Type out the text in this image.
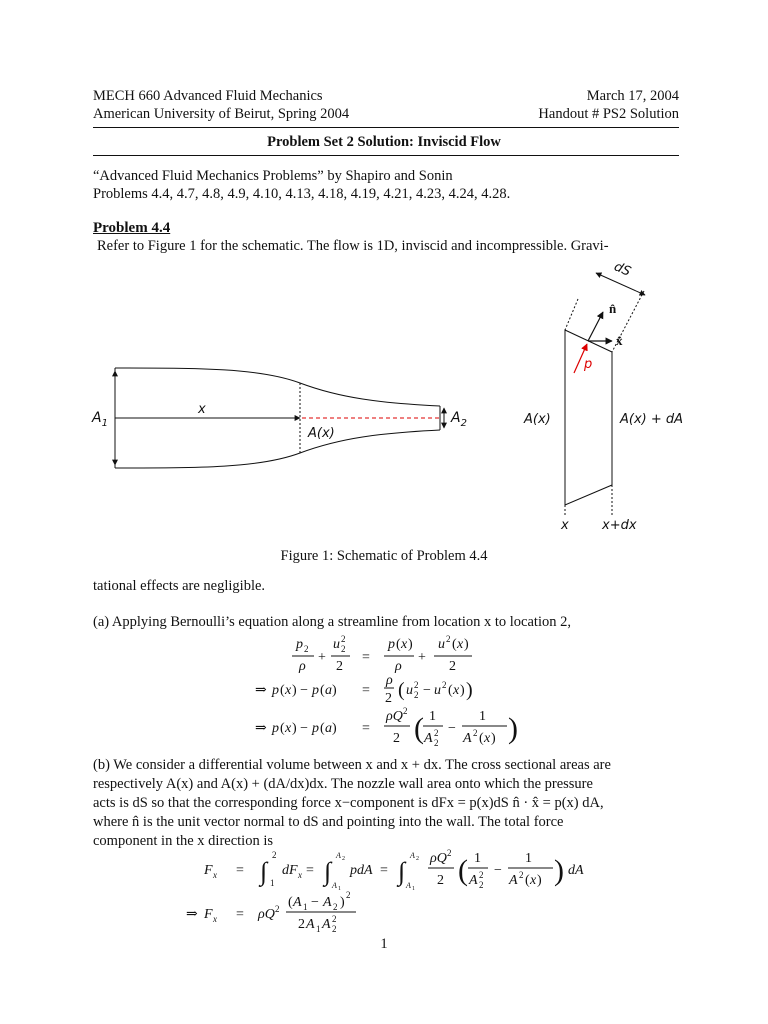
MECH 660 Advanced Fluid Mechanics	March 17, 2004
American University of Beirut, Spring 2004	Handout # PS2 Solution
Problem Set 2 Solution: Inviscid Flow
“Advanced Fluid Mechanics Problems” by Shapiro and Sonin
Problems 4.4, 4.7, 4.8, 4.9, 4.10, 4.13, 4.18, 4.19, 4.21, 4.23, 4.24, 4.28.
Problem 4.4
Refer to Figure 1 for the schematic. The flow is 1D, inviscid and incompressible. Gravi-
$A_1$
x
A(x)
$A_2$	A(x)	A(x) + dA
dS
n̂
x̂
p
x	x+dx
Figure 1: Schematic of Problem 4.4
tational effects are negligible.
(a) Applying Bernoulli’s equation along a streamline from location x to location 2,
p 2
ρ
+
u 2
2
2
=
p ( x )
ρ
+
u 2 ( x )
2
⇒ p ( x ) − p ( a ) =
ρ
2 ( u 2
2 − u 2 ( x ) )
⇒ p ( x ) − p ( a ) =
ρQ 2
2 ( 1
A 2
2
−
1
A 2 ( x ) )
(b) We consider a differential volume between x and x + dx. The cross sectional areas are
respectively A(x) and A(x) + (dA/dx)dx. The nozzle wall area onto which the pressure
acts is dS so that the corresponding force x−component is dFx = p(x)dS n̂ · x̂ = p(x) dA,
where n̂ is the unit vector normal to dS and pointing into the wall. The total force
component in the x direction is
F x = ∫
2
1
dF x = ∫
A 2
A 1
pdA = ∫
A 2
A 1
ρQ 2
2 ( 1
A 2
2
−
1
A 2 ( x ) ) dA
⇒ F x = ρQ 2 ( A 1 − A 2 ) 2
2 A 1 A 2
2
1
